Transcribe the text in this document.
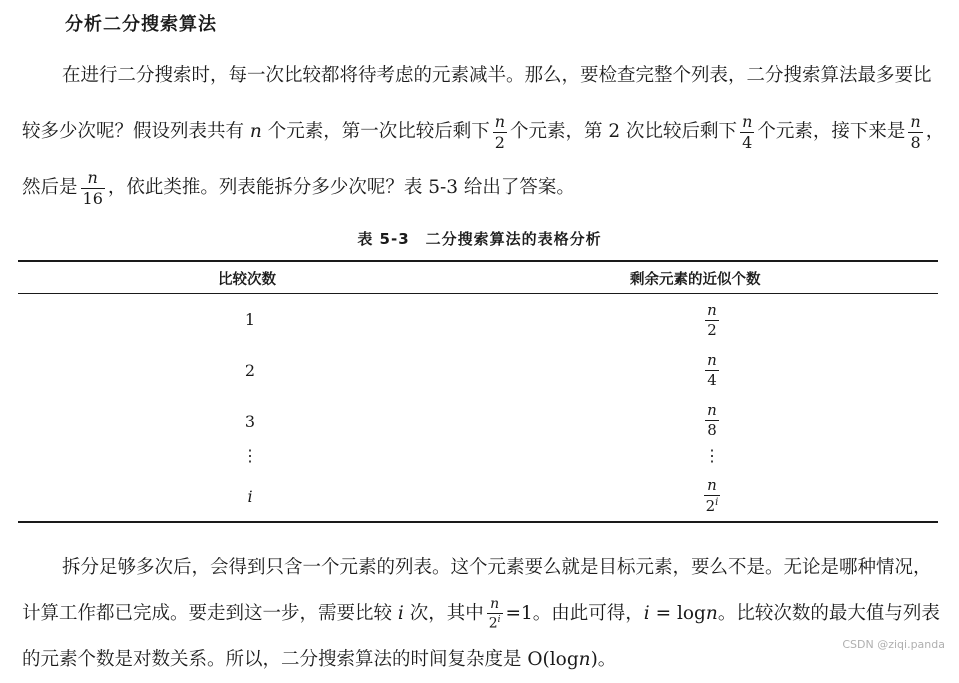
分析二分搜索算法
在进行二分搜索时，每一次比较都将待考虑的元素减半。那么，要检查完整个列表，二分搜索算法最多要比较多少次呢？假设列表共有 n 个元素，第一次比较后剩下 $\frac{n}{2}$ 个元素，第 2 次比较后剩下 $\frac{n}{4}$ 个元素，接下来是 $\frac{n}{8}$ ，然后是 $\frac{n}{16}$ ，依此类推。列表能拆分多少次呢？表 5-3 给出了答案。
表 5-3　二分搜索算法的表格分析
比较次数	剩余元素的近似个数
1	$\frac{n}{2}$
2	$\frac{n}{4}$
3	$\frac{n}{8}$
⋮	⋮
i	$\frac{n}{2^i}$
拆分足够多次后，会得到只含一个元素的列表。这个元素要么就是目标元素，要么不是。无论是哪种情况，计算工作都已完成。要走到这一步，需要比较 i 次，其中 $\frac{n}{2^i} =1$。由此可得，i = logn。比较次数的最大值与列表的元素个数是对数关系。所以，二分搜索算法的时间复杂度是 O(logn)。
CSDN @ziqi.panda
